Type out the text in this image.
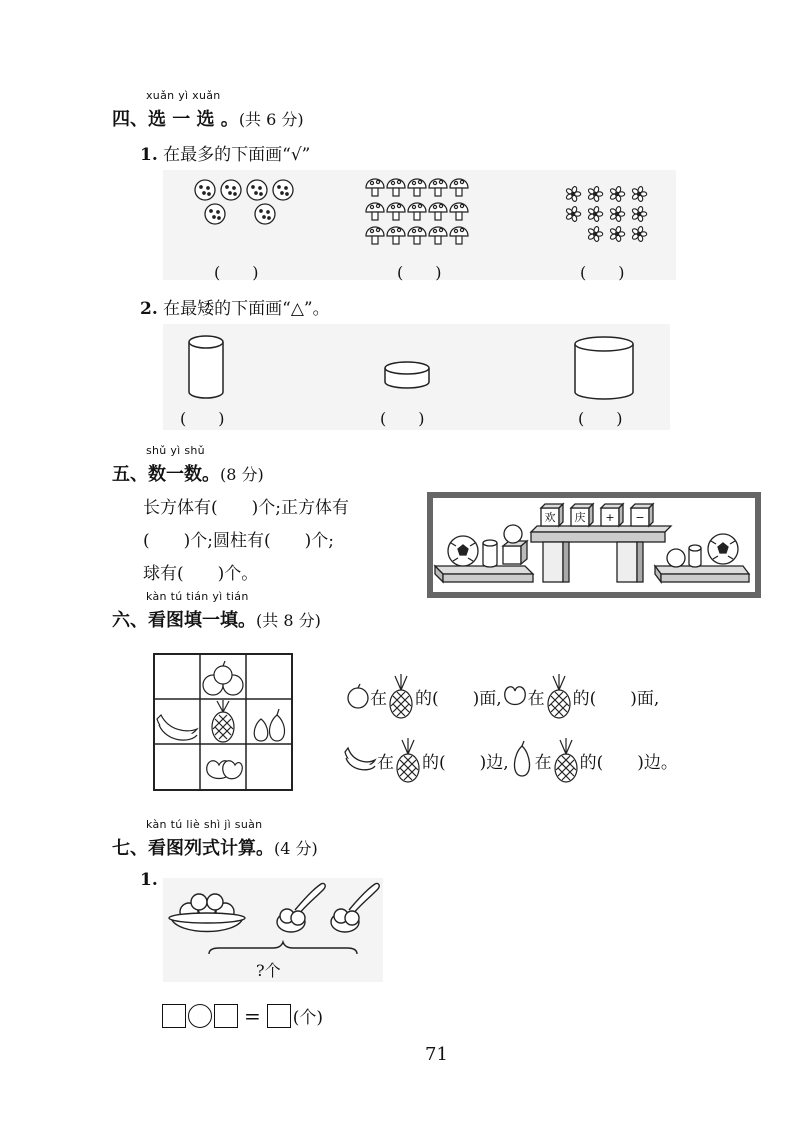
xuǎn yì xuǎn
四、选 一 选 。(共 6 分)
1. 在最多的下面画“√”
(　　)	(　　)	(　　)
2. 在最矮的下面画“△”。
(　　)	(　　)	(　　)
shǔ yì shǔ
五、数一数。(8 分)
长方体有(　　)个;正方体有
(　　)个;圆柱有(　　)个;
球有(　　)个。
欢 庆 + −
kàn tú tián yì tián
六、看图填一填。(共 8 分)
在 的(　　)面, 在 的(　　)面,
在 的(　　)边, 在 的(　　)边。
kàn tú liè shì jì suàn
七、看图列式计算。(4 分)
1.
?个
= (个)
71
